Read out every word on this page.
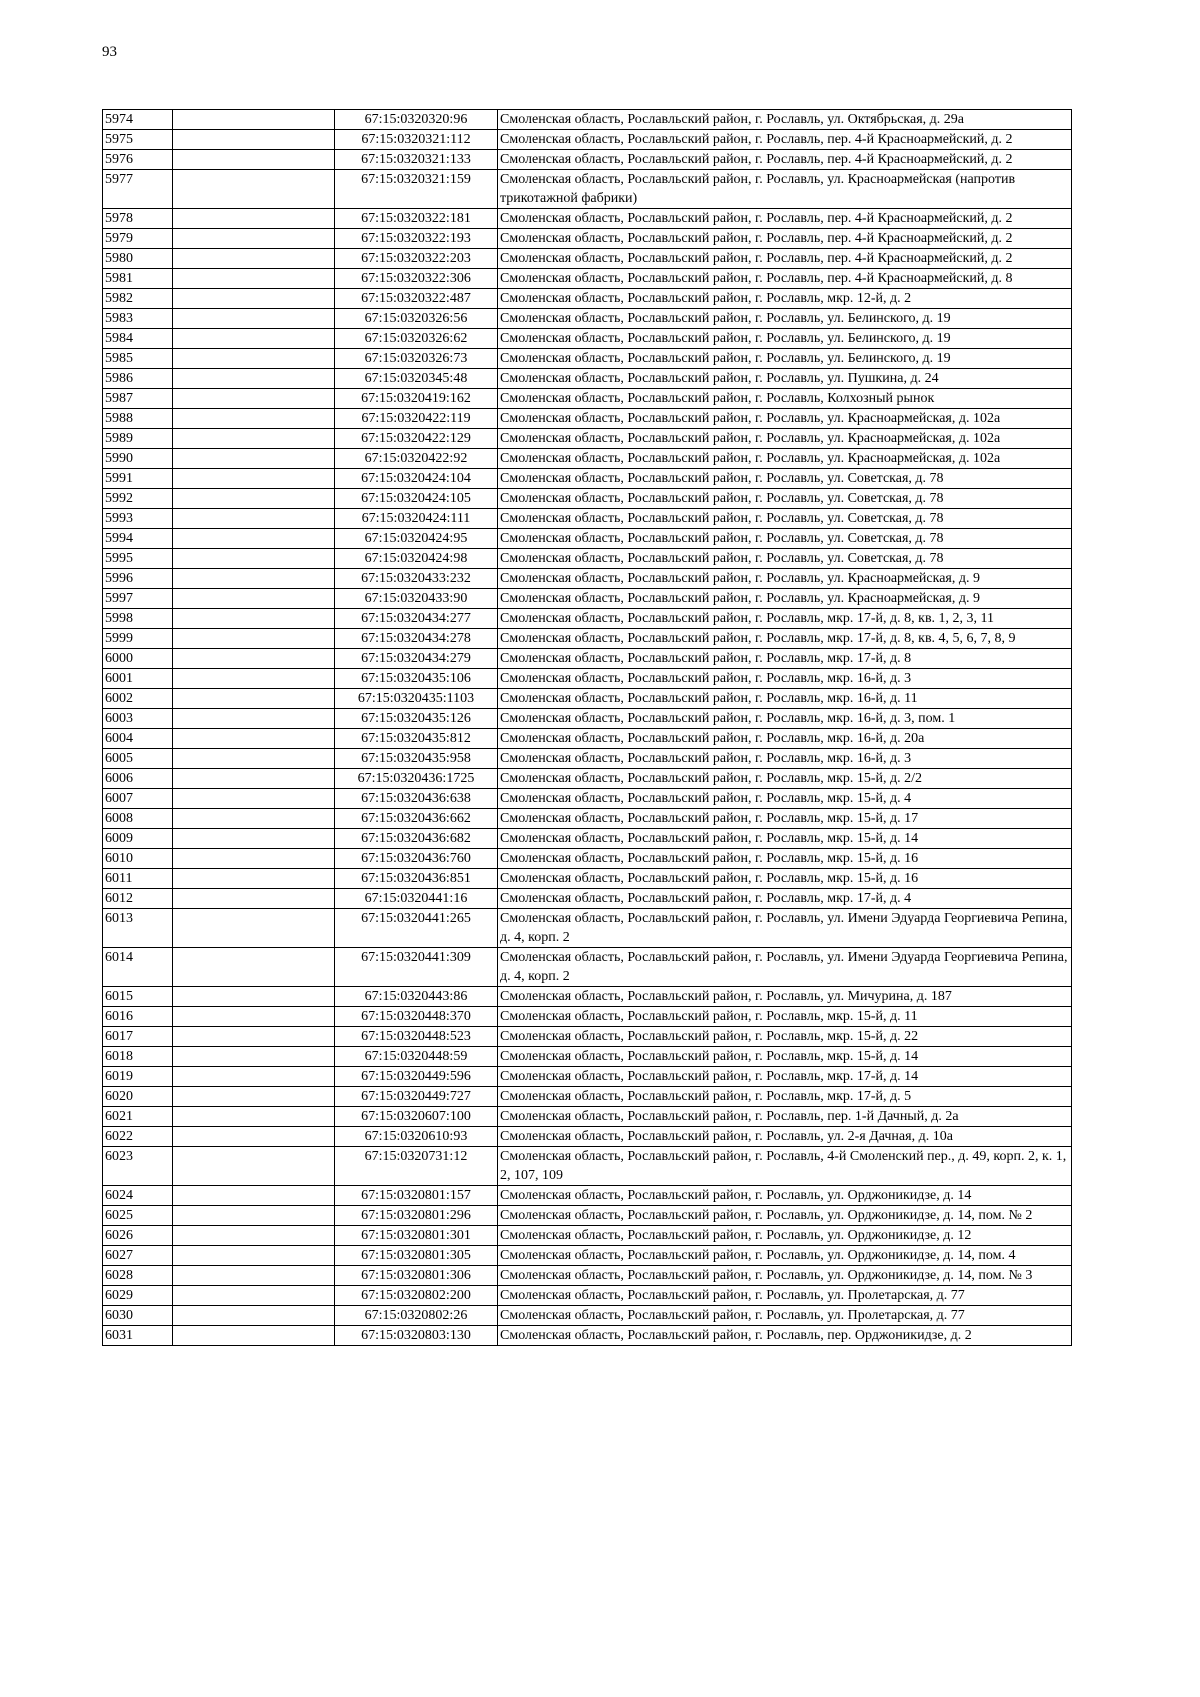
93
5974		67:15:0320320:96	Смоленская область, Рославльский район, г. Рославль, ул. Октябрьская, д. 29а
5975		67:15:0320321:112	Смоленская область, Рославльский район, г. Рославль, пер. 4-й Красноармейский, д. 2
5976		67:15:0320321:133	Смоленская область, Рославльский район, г. Рославль, пер. 4-й Красноармейский, д. 2
5977		67:15:0320321:159	Смоленская область, Рославльский район, г. Рославль, ул. Красноармейская (напротив трикотажной фабрики)
5978		67:15:0320322:181	Смоленская область, Рославльский район, г. Рославль, пер. 4-й Красноармейский, д. 2
5979		67:15:0320322:193	Смоленская область, Рославльский район, г. Рославль, пер. 4-й Красноармейский, д. 2
5980		67:15:0320322:203	Смоленская область, Рославльский район, г. Рославль, пер. 4-й Красноармейский, д. 2
5981		67:15:0320322:306	Смоленская область, Рославльский район, г. Рославль, пер. 4-й Красноармейский, д. 8
5982		67:15:0320322:487	Смоленская область, Рославльский район, г. Рославль, мкр. 12-й, д. 2
5983		67:15:0320326:56	Смоленская область, Рославльский район, г. Рославль, ул. Белинского, д. 19
5984		67:15:0320326:62	Смоленская область, Рославльский район, г. Рославль, ул. Белинского, д. 19
5985		67:15:0320326:73	Смоленская область, Рославльский район, г. Рославль, ул. Белинского, д. 19
5986		67:15:0320345:48	Смоленская область, Рославльский район, г. Рославль, ул. Пушкина, д. 24
5987		67:15:0320419:162	Смоленская область, Рославльский район, г. Рославль, Колхозный рынок
5988		67:15:0320422:119	Смоленская область, Рославльский район, г. Рославль, ул. Красноармейская, д. 102а
5989		67:15:0320422:129	Смоленская область, Рославльский район, г. Рославль, ул. Красноармейская, д. 102а
5990		67:15:0320422:92	Смоленская область, Рославльский район, г. Рославль, ул. Красноармейская, д. 102а
5991		67:15:0320424:104	Смоленская область, Рославльский район, г. Рославль, ул. Советская, д. 78
5992		67:15:0320424:105	Смоленская область, Рославльский район, г. Рославль, ул. Советская, д. 78
5993		67:15:0320424:111	Смоленская область, Рославльский район, г. Рославль, ул. Советская, д. 78
5994		67:15:0320424:95	Смоленская область, Рославльский район, г. Рославль, ул. Советская, д. 78
5995		67:15:0320424:98	Смоленская область, Рославльский район, г. Рославль, ул. Советская, д. 78
5996		67:15:0320433:232	Смоленская область, Рославльский район, г. Рославль, ул. Красноармейская, д. 9
5997		67:15:0320433:90	Смоленская область, Рославльский район, г. Рославль, ул. Красноармейская, д. 9
5998		67:15:0320434:277	Смоленская область, Рославльский район, г. Рославль, мкр. 17-й, д. 8, кв. 1, 2, 3, 11
5999		67:15:0320434:278	Смоленская область, Рославльский район, г. Рославль, мкр. 17-й, д. 8, кв. 4, 5, 6, 7, 8, 9
6000		67:15:0320434:279	Смоленская область, Рославльский район, г. Рославль, мкр. 17-й, д. 8
6001		67:15:0320435:106	Смоленская область, Рославльский район, г. Рославль, мкр. 16-й, д. 3
6002		67:15:0320435:1103	Смоленская область, Рославльский район, г. Рославль, мкр. 16-й, д. 11
6003		67:15:0320435:126	Смоленская область, Рославльский район, г. Рославль, мкр. 16-й, д. 3, пом. 1
6004		67:15:0320435:812	Смоленская область, Рославльский район, г. Рославль, мкр. 16-й, д. 20а
6005		67:15:0320435:958	Смоленская область, Рославльский район, г. Рославль, мкр. 16-й, д. 3
6006		67:15:0320436:1725	Смоленская область, Рославльский район, г. Рославль, мкр. 15-й, д. 2/2
6007		67:15:0320436:638	Смоленская область, Рославльский район, г. Рославль, мкр. 15-й, д. 4
6008		67:15:0320436:662	Смоленская область, Рославльский район, г. Рославль, мкр. 15-й, д. 17
6009		67:15:0320436:682	Смоленская область, Рославльский район, г. Рославль, мкр. 15-й, д. 14
6010		67:15:0320436:760	Смоленская область, Рославльский район, г. Рославль, мкр. 15-й, д. 16
6011		67:15:0320436:851	Смоленская область, Рославльский район, г. Рославль, мкр. 15-й, д. 16
6012		67:15:0320441:16	Смоленская область, Рославльский район, г. Рославль, мкр. 17-й, д. 4
6013		67:15:0320441:265	Смоленская область, Рославльский район, г. Рославль, ул. Имени Эдуарда Георгиевича Репина, д. 4, корп. 2
6014		67:15:0320441:309	Смоленская область, Рославльский район, г. Рославль, ул. Имени Эдуарда Георгиевича Репина, д. 4, корп. 2
6015		67:15:0320443:86	Смоленская область, Рославльский район, г. Рославль, ул. Мичурина, д. 187
6016		67:15:0320448:370	Смоленская область, Рославльский район, г. Рославль, мкр. 15-й, д. 11
6017		67:15:0320448:523	Смоленская область, Рославльский район, г. Рославль, мкр. 15-й, д. 22
6018		67:15:0320448:59	Смоленская область, Рославльский район, г. Рославль, мкр. 15-й, д. 14
6019		67:15:0320449:596	Смоленская область, Рославльский район, г. Рославль, мкр. 17-й, д. 14
6020		67:15:0320449:727	Смоленская область, Рославльский район, г. Рославль, мкр. 17-й, д. 5
6021		67:15:0320607:100	Смоленская область, Рославльский район, г. Рославль, пер. 1-й Дачный, д. 2а
6022		67:15:0320610:93	Смоленская область, Рославльский район, г. Рославль, ул. 2-я Дачная, д. 10а
6023		67:15:0320731:12	Смоленская область, Рославльский район, г. Рославль, 4-й Смоленский пер., д. 49, корп. 2, к. 1, 2, 107, 109
6024		67:15:0320801:157	Смоленская область, Рославльский район, г. Рославль, ул. Орджоникидзе, д. 14
6025		67:15:0320801:296	Смоленская область, Рославльский район, г. Рославль, ул. Орджоникидзе, д. 14, пом. № 2
6026		67:15:0320801:301	Смоленская область, Рославльский район, г. Рославль, ул. Орджоникидзе, д. 12
6027		67:15:0320801:305	Смоленская область, Рославльский район, г. Рославль, ул. Орджоникидзе, д. 14, пом. 4
6028		67:15:0320801:306	Смоленская область, Рославльский район, г. Рославль, ул. Орджоникидзе, д. 14, пом. № 3
6029		67:15:0320802:200	Смоленская область, Рославльский район, г. Рославль, ул. Пролетарская, д. 77
6030		67:15:0320802:26	Смоленская область, Рославльский район, г. Рославль, ул. Пролетарская, д. 77
6031		67:15:0320803:130	Смоленская область, Рославльский район, г. Рославль, пер. Орджоникидзе, д. 2
